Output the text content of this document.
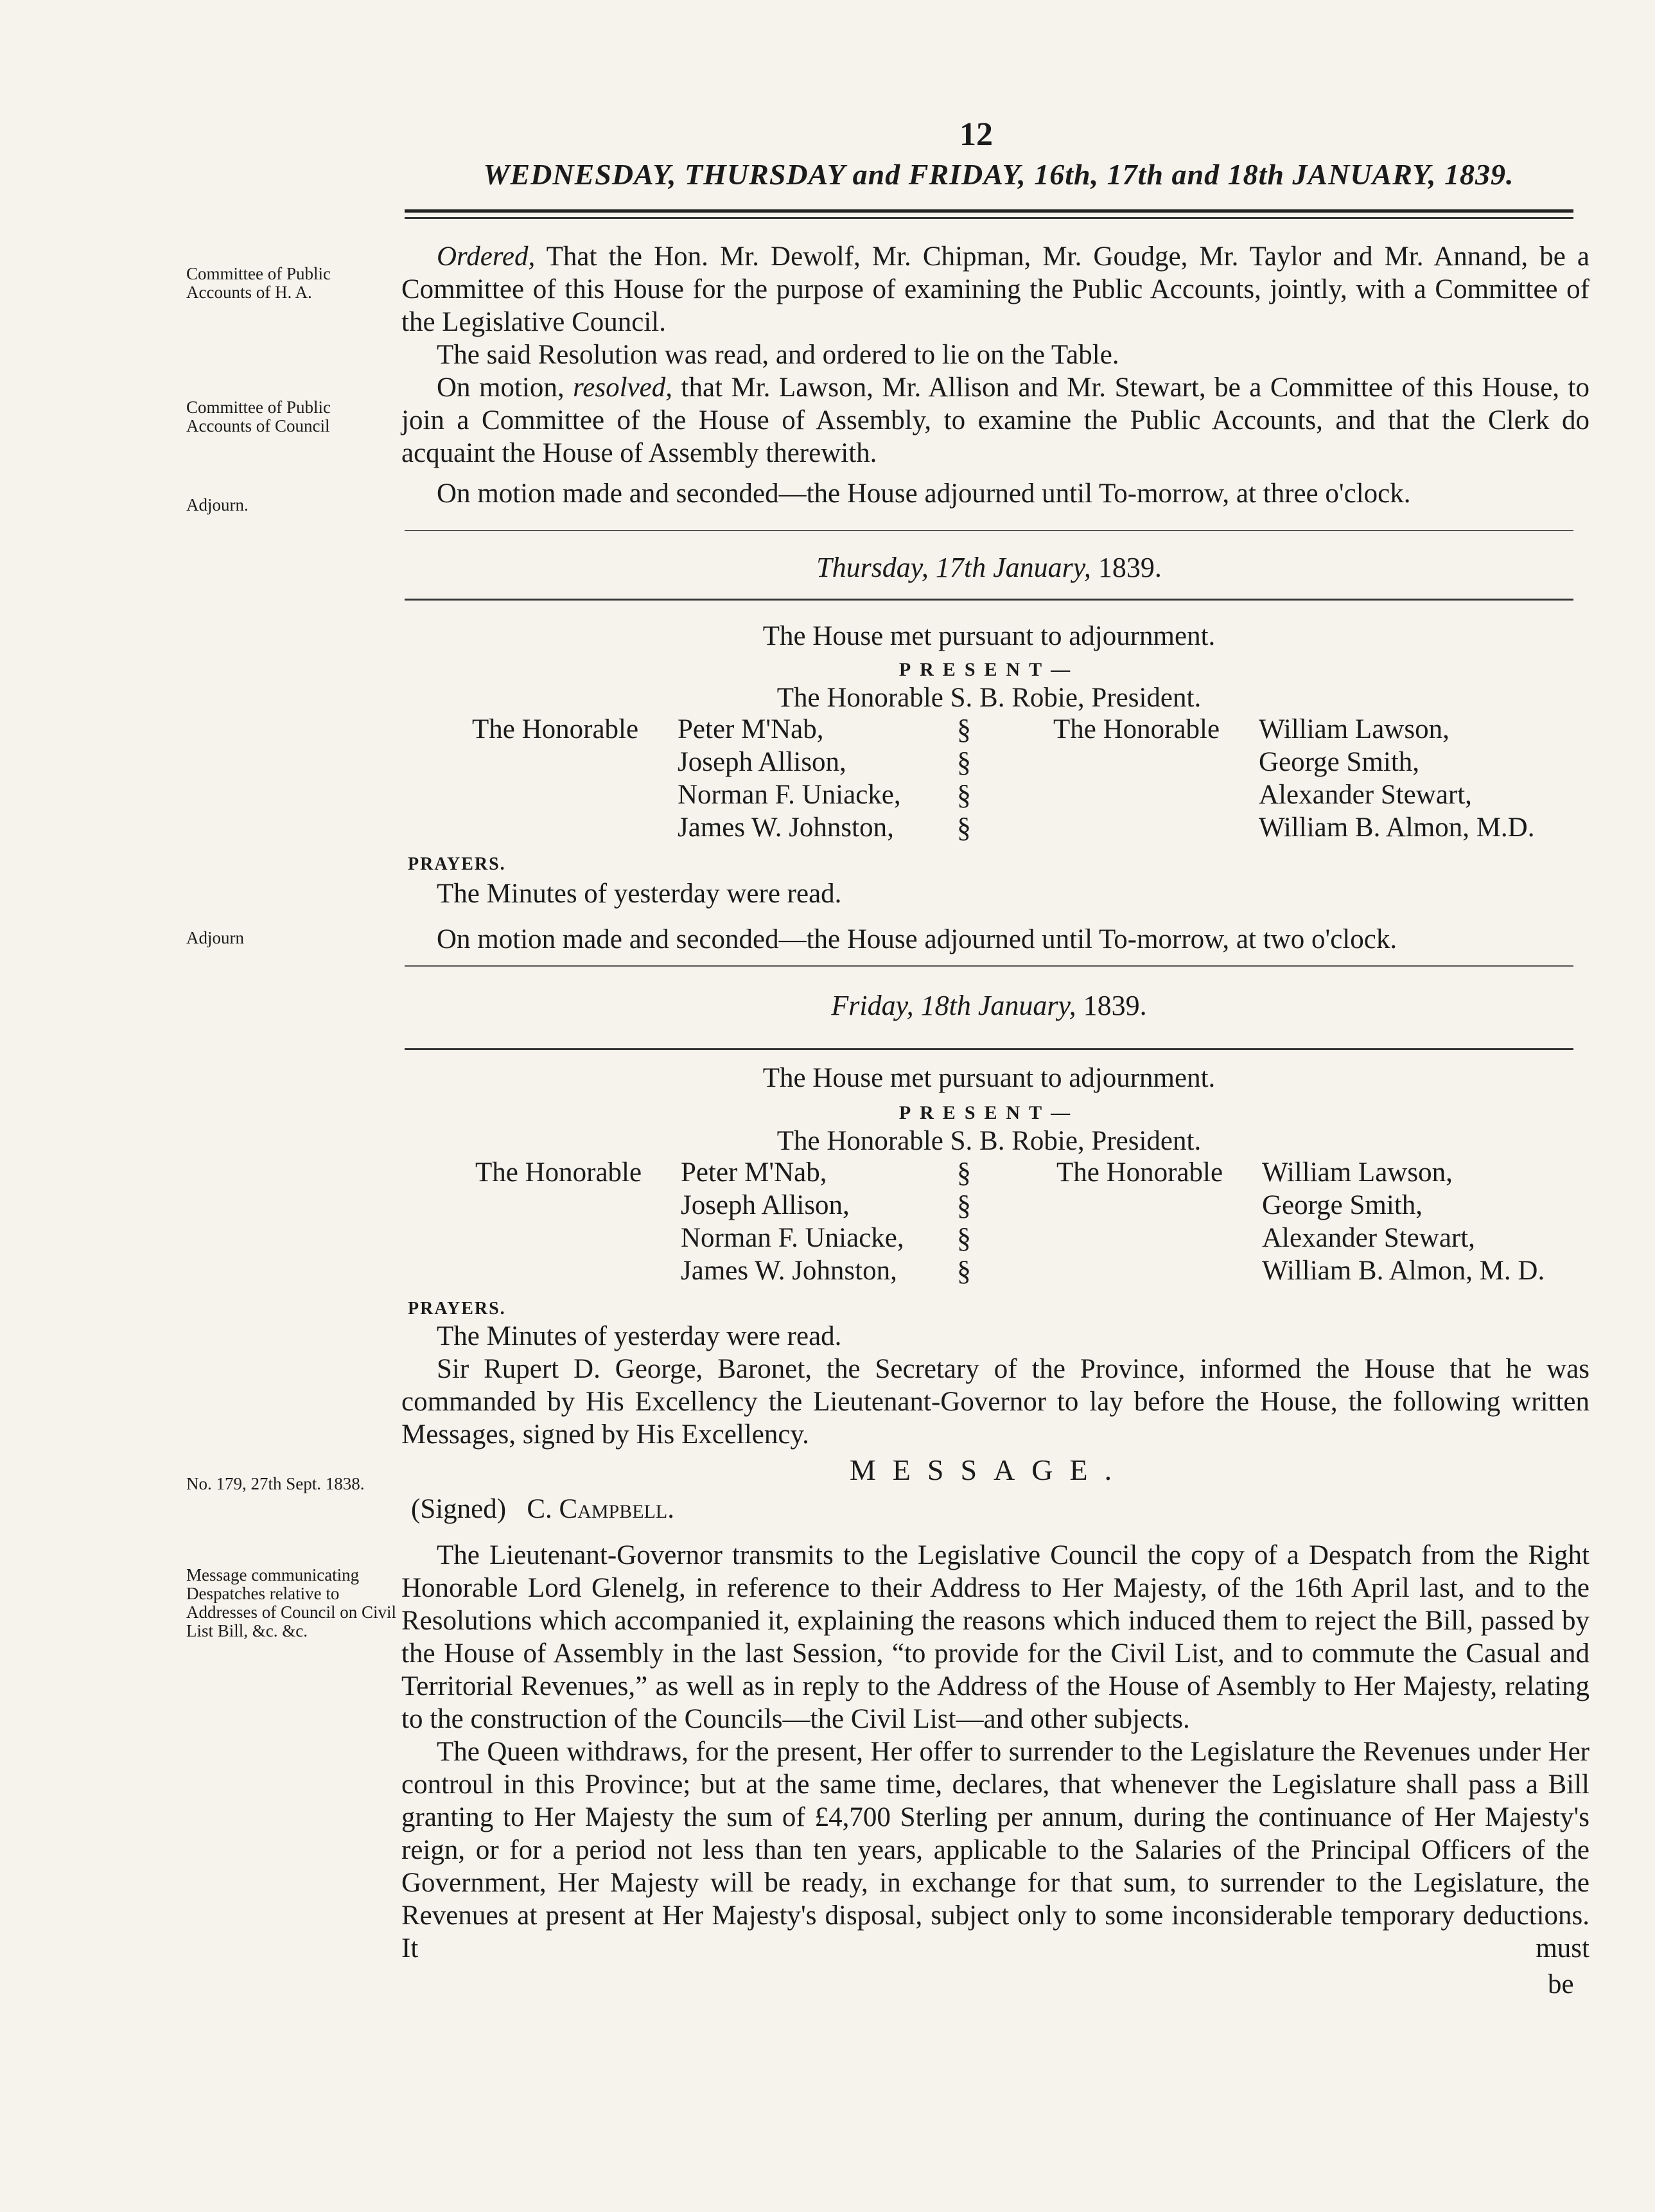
12
WEDNESDAY, THURSDAY and FRIDAY, 16th, 17th and 18th JANUARY, 1839.
Committee of Public Accounts of H. A.
Committee of Public Accounts of Council
Adjourn.

Ordered, That the Hon. Mr. Dewolf, Mr. Chipman, Mr. Goudge, Mr. Taylor and Mr. Annand, be a Committee of this House for the purpose of examining the Public Accounts, jointly, with a Committee of the Legislative Council.

The said Resolution was read, and ordered to lie on the Table.

On motion, resolved, that Mr. Lawson, Mr. Allison and Mr. Stewart, be a Committee of this House, to join a Committee of the House of Assembly, to examine the Public Accounts, and that the Clerk do acquaint the House of Assembly therewith.

On motion made and seconded—the House adjourned until To-morrow, at three o'clock.

Thursday, 17th January, 1839.
The House met pursuant to adjournment.
PRESENT—
The Honorable S. B. Robie, President.
The Honorable Peter M'Nab,
Joseph Allison,
Norman F. Uniacke,
James W. Johnston,
§
§
§
§
The Honorable William Lawson,
George Smith,
Alexander Stewart,
William B. Almon, M.D.
PRAYERS.

The Minutes of yesterday were read.

On motion made and seconded—the House adjourned until To-morrow, at two o'clock.

Adjourn
Friday, 18th January, 1839.
The House met pursuant to adjournment.
PRESENT—
The Honorable S. B. Robie, President.
The Honorable Peter M'Nab,
Joseph Allison,
Norman F. Uniacke,
James W. Johnston,
§
§
§
§
The Honorable William Lawson,
George Smith,
Alexander Stewart,
William B. Almon, M. D.
PRAYERS.

The Minutes of yesterday were read.

Sir Rupert D. George, Baronet, the Secretary of the Province, informed the House that he was commanded by His Excellency the Lieutenant-Governor to lay before the House, the following written Messages, signed by His Excellency.

No. 179, 27th Sept. 1838.	MESSAGE.
(Signed) C. Campbell.
Message communicating Despatches relative to Addresses of Council on Civil List Bill, &c. &c.

The Lieutenant-Governor transmits to the Legislative Council the copy of a Despatch from the Right Honorable Lord Glenelg, in reference to their Address to Her Majesty, of the 16th April last, and to the Resolutions which accompanied it, explaining the reasons which induced them to reject the Bill, passed by the House of Assembly in the last Session, “to provide for the Civil List, and to commute the Casual and Territorial Revenues,” as well as in reply to the Address of the House of Asembly to Her Majesty, relating to the construction of the Councils—the Civil List—and other subjects.

The Queen withdraws, for the present, Her offer to surrender to the Legislature the Revenues under Her controul in this Province; but at the same time, declares, that whenever the Legislature shall pass a Bill granting to Her Majesty the sum of £4,700 Sterling per annum, during the continuance of Her Majesty's reign, or for a period not less than ten years, applicable to the Salaries of the Principal Officers of the Government, Her Majesty will be ready, in exchange for that sum, to surrender to the Legislature, the Revenues at present at Her Majesty's disposal, subject only to some inconsiderable temporary deductions. It must

be
